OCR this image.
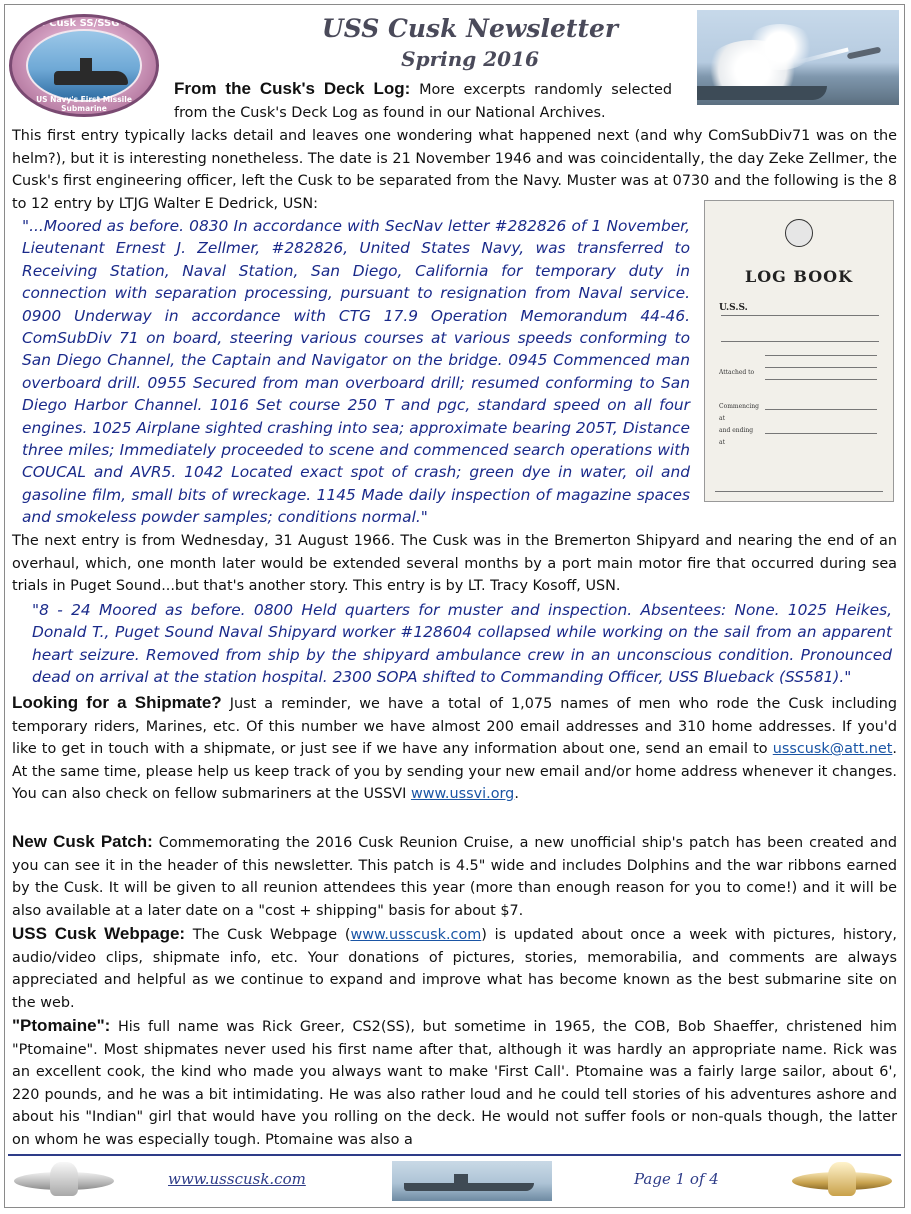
USS Cusk SS/SSG-348
US Navy's First Missile Submarine
USS Cusk Newsletter
Spring 2016

From the Cusk's Deck Log: More excerpts randomly selected from the Cusk's Deck Log as found in our National Archives.

This first entry typically lacks detail and leaves one wondering what happened next (and why ComSubDiv71 was on the helm?), but it is interesting nonetheless. The date is 21 November 1946 and was coincidentally, the day Zeke Zellmer, the Cusk's first engineering officer, left the Cusk to be separated from the Navy. Muster was at 0730 and the following is the 8 to 12 entry by LTJG Walter E Dedrick, USN:

LOG BOOK
U.S.S.
Attached to
Commencing
at
and ending
at
"...Moored as before. 0830 In accordance with SecNav letter #282826 of 1 November, Lieutenant Ernest J. Zellmer, #282826, United States Navy, was transferred to Receiving Station, Naval Station, San Diego, California for temporary duty in connection with separation processing, pursuant to resignation from Naval service. 0900 Underway in accordance with CTG 17.9 Operation Memorandum 44-46. ComSubDiv 71 on board, steering various courses at various speeds conforming to San Diego Channel, the Captain and Navigator on the bridge. 0945 Commenced man overboard drill. 0955 Secured from man overboard drill; resumed conforming to San Diego Harbor Channel. 1016 Set course 250 T and pgc, standard speed on all four engines. 1025 Airplane sighted crashing into sea; approximate bearing 205T, Distance three miles; Immediately proceeded to scene and commenced search operations with COUCAL and AVR5. 1042 Located exact spot of crash; green dye in water, oil and gasoline film, small bits of wreckage. 1145 Made daily inspection of magazine spaces and smokeless powder samples; conditions normal."

The next entry is from Wednesday, 31 August 1966. The Cusk was in the Bremerton Shipyard and nearing the end of an overhaul, which, one month later would be extended several months by a port main motor fire that occurred during sea trials in Puget Sound...but that's another story. This entry is by LT. Tracy Kosoff, USN.

"8 - 24 Moored as before. 0800 Held quarters for muster and inspection. Absentees: None. 1025 Heikes, Donald T., Puget Sound Naval Shipyard worker #128604 collapsed while working on the sail from an apparent heart seizure. Removed from ship by the shipyard ambulance crew in an unconscious condition. Pronounced dead on arrival at the station hospital. 2300 SOPA shifted to Commanding Officer, USS Blueback (SS581)."

Looking for a Shipmate? Just a reminder, we have a total of 1,075 names of men who rode the Cusk including temporary riders, Marines, etc. Of this number we have almost 200 email addresses and 310 home addresses. If you'd like to get in touch with a shipmate, or just see if we have any information about one, send an email to usscusk@att.net. At the same time, please help us keep track of you by sending your new email and/or home address whenever it changes. You can also check on fellow submariners at the USSVI www.ussvi.org.

New Cusk Patch: Commemorating the 2016 Cusk Reunion Cruise, a new unofficial ship's patch has been created and you can see it in the header of this newsletter. This patch is 4.5" wide and includes Dolphins and the war ribbons earned by the Cusk. It will be given to all reunion attendees this year (more than enough reason for you to come!) and it will be also available at a later date on a "cost + shipping" basis for about $7.

USS Cusk Webpage: The Cusk Webpage (www.usscusk.com) is updated about once a week with pictures, history, audio/video clips, shipmate info, etc. Your donations of pictures, stories, memorabilia, and comments are always appreciated and helpful as we continue to expand and improve what has become known as the best submarine site on the web.

"Ptomaine": His full name was Rick Greer, CS2(SS), but sometime in 1965, the COB, Bob Shaeffer, christened him "Ptomaine". Most shipmates never used his first name after that, although it was hardly an appropriate name. Rick was an excellent cook, the kind who made you always want to make 'First Call'. Ptomaine was a fairly large sailor, about 6', 220 pounds, and he was a bit intimidating. He was also rather loud and he could tell stories of his adventures ashore and about his "Indian" girl that would have you rolling on the deck. He would not suffer fools or non-quals though, the latter on whom he was especially tough. Ptomaine was also a

www.usscusk.com	Page 1 of 4
